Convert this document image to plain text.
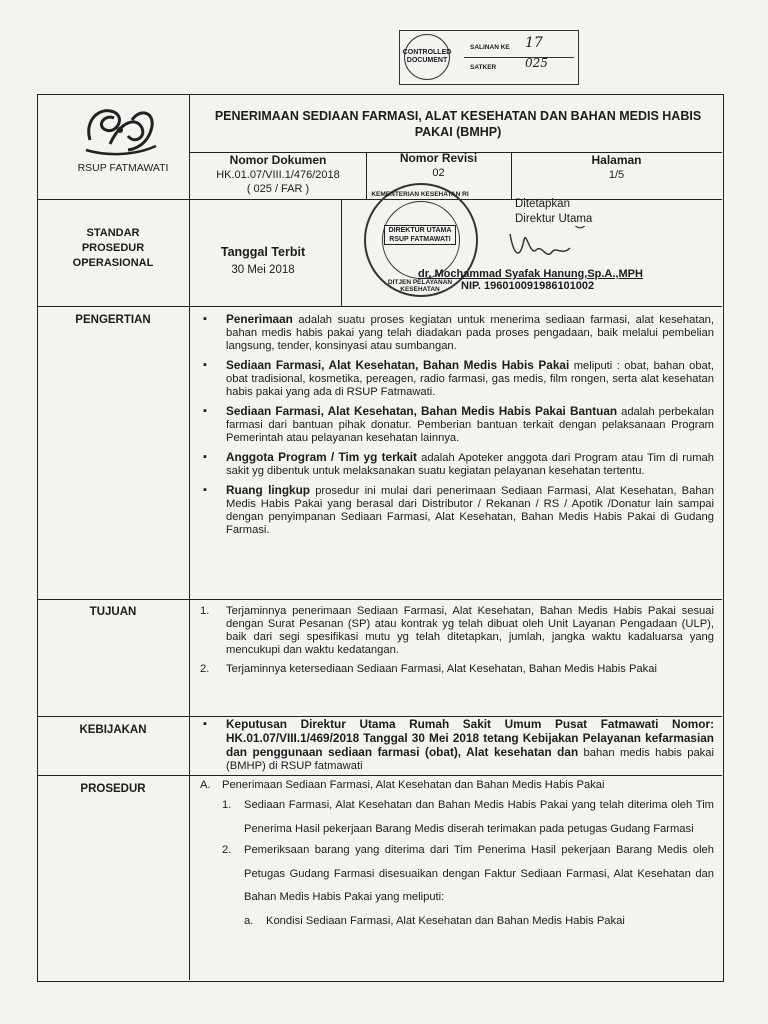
CONTROLLED DOCUMENT
SALINAN KE 17
SATKER 025
RSUP FATMAWATI
PENERIMAAN SEDIAAN FARMASI, ALAT KESEHATAN DAN BAHAN MEDIS HABIS PAKAI (BMHP)
Nomor Dokumen
HK.01.07/VIII.1/476/2018
( 025 / FAR )
Nomor Revisi
02
Halaman
1/5
STANDAR
PROSEDUR
OPERASIONAL
Tanggal Terbit
30 Mei 2018
KEMENTERIAN KESEHATAN RI
DIREKTUR UTAMA
RSUP FATMAWATI
DITJEN PELAYANAN KESEHATAN
Ditetapkan
Direktur Utama
dr. Mochammad Syafak Hanung,Sp.A.,MPH
NIP. 196010091986101002
PENGERTIAN	▪ Penerimaan adalah suatu proses kegiatan untuk menerima sediaan farmasi, alat kesehatan, bahan medis habis pakai yang telah diadakan pada proses pengadaan, baik melalui pembelian langsung, tender, konsinyasi atau sumbangan.
▪ Sediaan Farmasi, Alat Kesehatan, Bahan Medis Habis Pakai meliputi : obat, bahan obat, obat tradisional, kosmetika, pereagen, radio farmasi, gas medis, film rongen, serta alat kesehatan habis pakai yang ada di RSUP Fatmawati.
▪ Sediaan Farmasi, Alat Kesehatan, Bahan Medis Habis Pakai Bantuan adalah perbekalan farmasi dari bantuan pihak donatur. Pemberian bantuan terkait dengan pelaksanaan Program Pemerintah atau pelayanan kesehatan lainnya.
▪ Anggota Program / Tim yg terkait adalah Apoteker anggota dari Program atau Tim di rumah sakit yg dibentuk untuk melaksanakan suatu kegiatan pelayanan kesehatan tertentu.
▪ Ruang lingkup prosedur ini mulai dari penerimaan Sediaan Farmasi, Alat Kesehatan, Bahan Medis Habis Pakai yang berasal dari Distributor / Rekanan / RS / Apotik /Donatur lain sampai dengan penyimpanan Sediaan Farmasi, Alat Kesehatan, Bahan Medis Habis Pakai di Gudang Farmasi.
TUJUAN	1. Terjaminnya penerimaan Sediaan Farmasi, Alat Kesehatan, Bahan Medis Habis Pakai sesuai dengan Surat Pesanan (SP) atau kontrak yg telah dibuat oleh Unit Layanan Pengadaan (ULP), baik dari segi spesifikasi mutu yg telah ditetapkan, jumlah, jangka waktu kadaluarsa yang mencukupi dan waktu kedatangan.
2. Terjaminnya ketersediaan Sediaan Farmasi, Alat Kesehatan, Bahan Medis Habis Pakai
KEBIJAKAN	▪ Keputusan Direktur Utama Rumah Sakit Umum Pusat Fatmawati Nomor: HK.01.07/VIII.1/469/2018 Tanggal 30 Mei 2018 tetang Kebijakan Pelayanan kefarmasian dan penggunaan sediaan farmasi (obat), Alat kesehatan dan bahan medis habis pakai (BMHP) di RSUP fatmawati
PROSEDUR	A. Penerimaan Sediaan Farmasi, Alat Kesehatan dan Bahan Medis Habis Pakai
1. Sediaan Farmasi, Alat Kesehatan dan Bahan Medis Habis Pakai yang telah diterima oleh Tim Penerima Hasil pekerjaan Barang Medis diserah terimakan pada petugas Gudang Farmasi
2. Pemeriksaan barang yang diterima dari Tim Penerima Hasil pekerjaan Barang Medis oleh Petugas Gudang Farmasi disesuaikan dengan Faktur Sediaan Farmasi, Alat Kesehatan dan Bahan Medis Habis Pakai yang meliputi:
a. Kondisi Sediaan Farmasi, Alat Kesehatan dan Bahan Medis Habis Pakai
